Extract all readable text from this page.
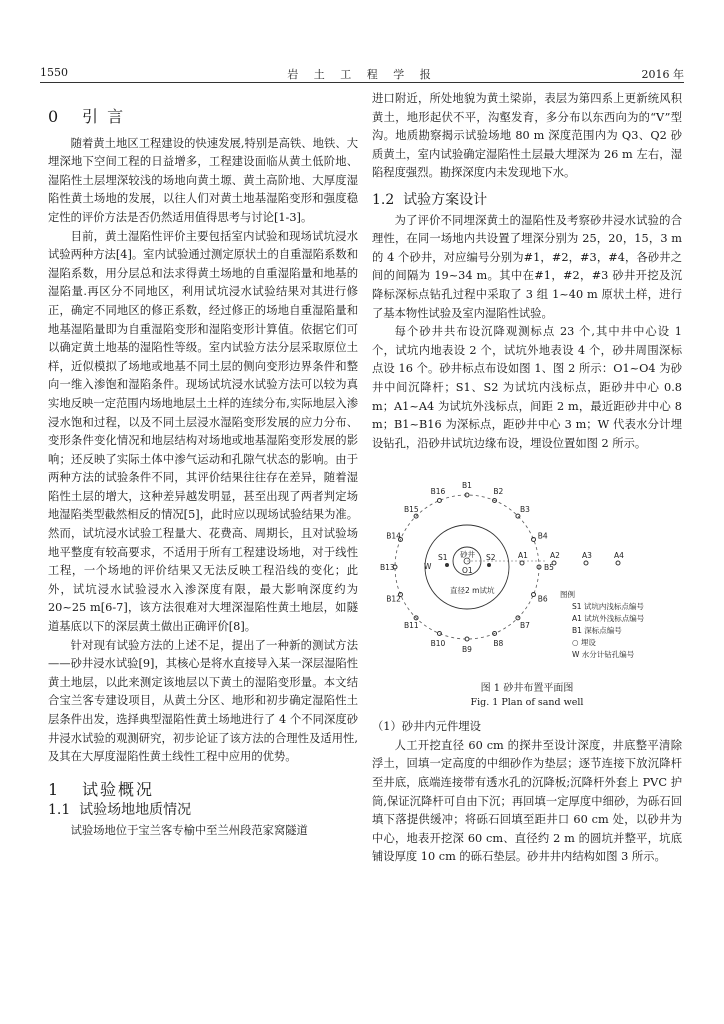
1550	岩 土 工 程 学 报	2016 年
0 引 言

随着黄土地区工程建设的快速发展,特别是高铁、地铁、大埋深地下空间工程的日益增多，工程建设面临从黄土低阶地、湿陷性土层埋深较浅的场地向黄土塬、黄土高阶地、大厚度湿陷性黄土场地的发展，以往人们对黄土地基湿陷变形和强度稳定性的评价方法是否仍然适用值得思考与讨论[1-3]。

目前，黄土湿陷性评价主要包括室内试验和现场试坑浸水试验两种方法[4]。室内试验通过测定原状土的自重湿陷系数和湿陷系数，用分层总和法求得黄土场地的自重湿陷量和地基的湿陷量.再区分不同地区，利用试坑浸水试验结果对其进行修正，确定不同地区的修正系数，经过修正的场地自重湿陷量和地基湿陷量即为自重湿陷变形和湿陷变形计算值。依据它们可以确定黄土地基的湿陷性等级。室内试验方法分层采取原位土样，近似模拟了场地或地基不同土层的侧向变形边界条件和整向一维入渗饱和湿陷条件。现场试坑浸水试验方法可以较为真实地反映一定范围内场地地层土土样的连续分布,实际地层入渗浸水饱和过程，以及不同土层浸水湿陷变形发展的应力分布、变形条件变化情况和地层结构对场地或地基湿陷变形发展的影响；还反映了实际土体中渗气运动和孔隙气状态的影响。由于两种方法的试验条件不同，其评价结果往往存在差异，随着湿陷性土层的增大，这种差异越发明显，甚至出现了两者判定场地湿陷类型截然相反的情况[5]，此时应以现场试验结果为准。然而，试坑浸水试验工程量大、花费高、周期长，且对试验场地平整度有较高要求，不适用于所有工程建设场地，对于线性工程，一个场地的评价结果又无法反映工程沿线的变化；此外，试坑浸水试验浸水入渗深度有限，最大影响深度约为 20~25 m[6-7]，该方法很难对大埋深湿陷性黄土地层，如隧道基底以下的深层黄土做出正确评价[8]。

针对现有试验方法的上述不足，提出了一种新的测试方法——砂井浸水试验[9]，其核心是将水直接导入某一深层湿陷性黄土地层，以此来测定该地层以下黄土的湿陷变形量。本文结合宝兰客专建设项目，从黄土分区、地形和初步确定湿陷性土层条件出发，选择典型湿陷性黄土场地进行了 4 个不同深度砂井浸水试验的观测研究，初步论证了该方法的合理性及适用性,及其在大厚度湿陷性黄土线性工程中应用的优势。

1 试验概况
1.1 试验场地地质情况

试验场地位于宝兰客专榆中至兰州段范家窝隧道

进口附近，所处地貌为黄土梁峁，表层为第四系上更新统风积黄土，地形起伏不平，沟壑发育，多分布以东西向为的“V”型沟。地质勘察揭示试验场地 80 m 深度范围内为 Q3、Q2 砂质黄土，室内试验确定湿陷性土层最大埋深为 26 m 左右，湿陷程度强烈。勘探深度内未发现地下水。

1.2 试验方案设计

为了评价不同埋深黄土的湿陷性及考察砂井浸水试验的合理性，在同一场地内共设置了埋深分别为 25，20，15，3 m 的 4 个砂井，对应编号分别为#1，#2，#3，#4，各砂井之间的间隔为 19~34 m。其中在#1，#2，#3 砂井开挖及沉降标深标点钻孔过程中采取了 3 组 1~40 m 原状土样，进行了基本物性试验及室内湿陷性试验。

每个砂井共布设沉降观测标点 23 个,其中井中心设 1 个，试坑内地表设 2 个，试坑外地表设 4 个，砂井周围深标点设 16 个。砂井标点布设如图 1、图 2 所示：O1~O4 为砂井中间沉降杆；S1、S2 为试坑内浅标点，距砂井中心 0.8 m；A1~A4 为试坑外浅标点，间距 2 m，最近距砂井中心 8 m；B1~B16 为深标点，距砂井中心 3 m；W 代表水分计埋设钻孔，沿砂井试坑边缘布设，埋设位置如图 2 所示。

砂井
S1	S2
O1
W
A1	A2	A3	A4
直径2 m试坑
B1
B2
B3
B4
B5
B6
B7
B8
B9
B10
B11
B12
B13
B14
B15
B16
图例
S1 试坑内浅标点编号
A1 试坑外浅标点编号
B1 深标点编号
○ 埋设
W 水分计钻孔编号
图 1 砂井布置平面图
Fig. 1 Plan of sand well
（1）砂井内元件埋设

人工开挖直径 60 cm 的探井至设计深度，井底整平清除浮土，回填一定高度的中细砂作为垫层；逐节连接下放沉降杆至井底，底端连接带有透水孔的沉降板;沉降杆外套上 PVC 护筒,保证沉降杆可自由下沉；再回填一定厚度中细砂，为砾石回填下落提供缓冲；将砾石回填至距井口 60 cm 处，以砂井为中心，地表开挖深 60 cm、直径约 2 m 的圆坑并整平，坑底铺设厚度 10 cm 的砾石垫层。砂井井内结构如图 3 所示。
